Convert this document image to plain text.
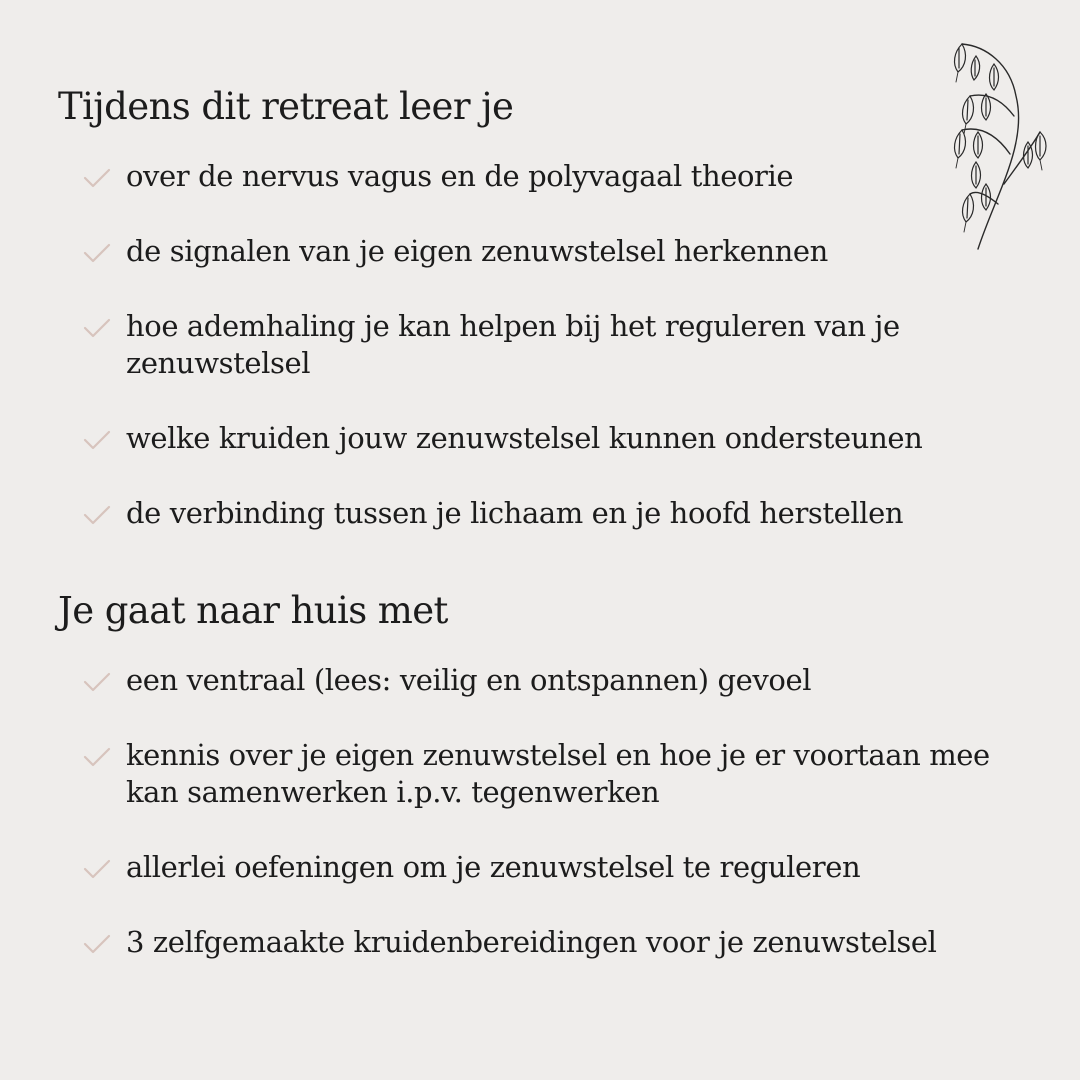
Tijdens dit retreat leer je
over de nervus vagus en de polyvagaal theorie
de signalen van je eigen zenuwstelsel herkennen
hoe ademhaling je kan helpen bij het reguleren van je zenuwstelsel
welke kruiden jouw zenuwstelsel kunnen ondersteunen
de verbinding tussen je lichaam en je hoofd herstellen
Je gaat naar huis met
een ventraal (lees: veilig en ontspannen) gevoel
kennis over je eigen zenuwstelsel en hoe je er voortaan mee kan samenwerken i.p.v. tegenwerken
allerlei oefeningen om je zenuwstelsel te reguleren
3 zelfgemaakte kruidenbereidingen voor je zenuwstelsel
